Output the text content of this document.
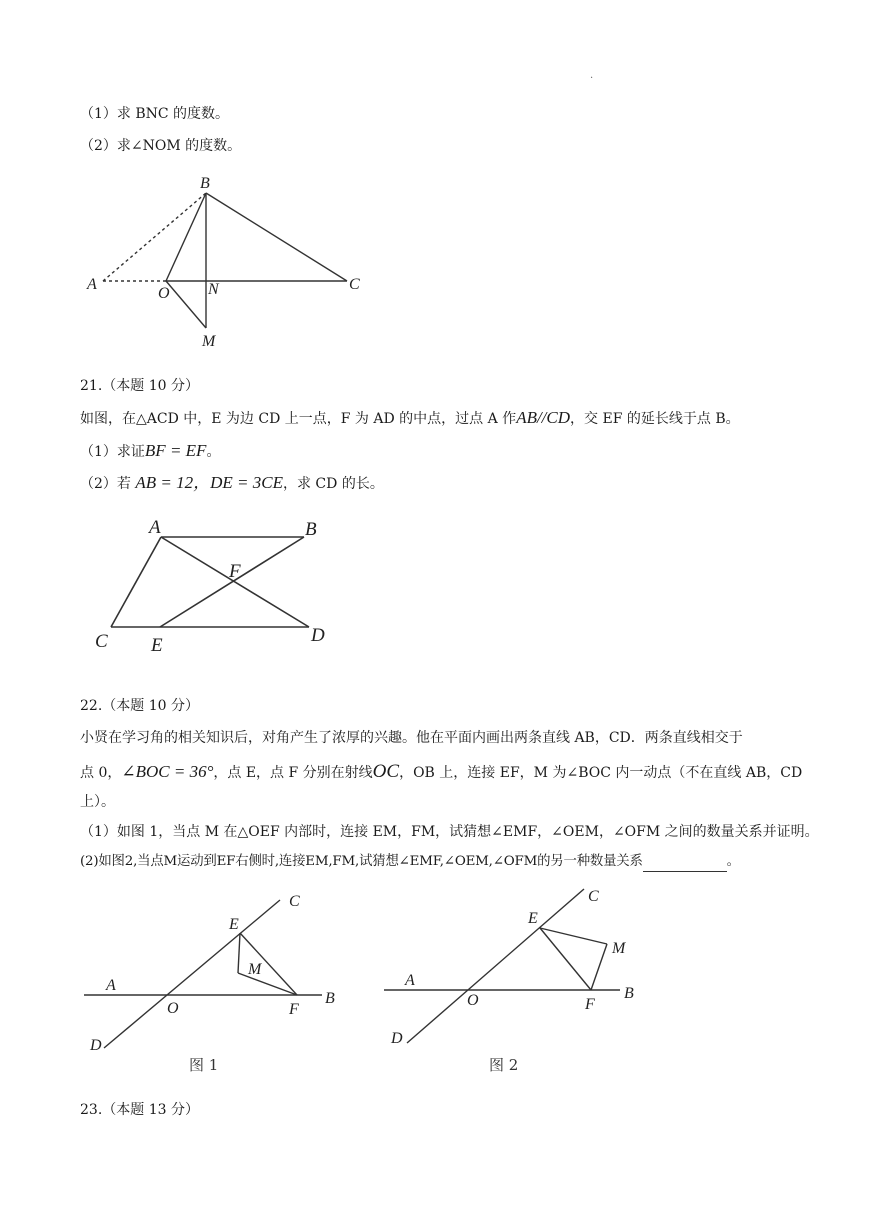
.
（1）求 BNC 的度数。
（2）求∠NOM 的度数。
B
A
O N	C
M
21.（本题 10 分）
如图，在△ACD 中，E 为边 CD 上一点，F 为 AD 的中点，过点 A 作AB//CD，交 EF 的延长线于点 B。
（1）求证BF = EF。
（2）若 AB = 12，DE = 3CE，求 CD 的长。
A	B
F
C E	D
22.（本题 10 分）
小贤在学习角的相关知识后，对角产生了浓厚的兴趣。他在平面内画出两条直线 AB，CD．两条直线相交于
点 0，∠BOC = 36°，点 E，点 F 分别在射线OC，OB 上，连接 EF，M 为∠BOC 内一动点（不在直线 AB，CD
上）。
（1）如图 1，当点 M 在△OEF 内部时，连接 EM，FM，试猜想∠EMF，∠OEM，∠OFM 之间的数量关系并证明。
(2)如图2,当点M运动到EF右侧时,连接EM,FM,试猜想∠EMF,∠OEM,∠OFM的另一种数量关系	。
A
B
C
D
E
F
M
O
图 1
A
B
C
D
E
F
M
O
图 2
23.（本题 13 分）
